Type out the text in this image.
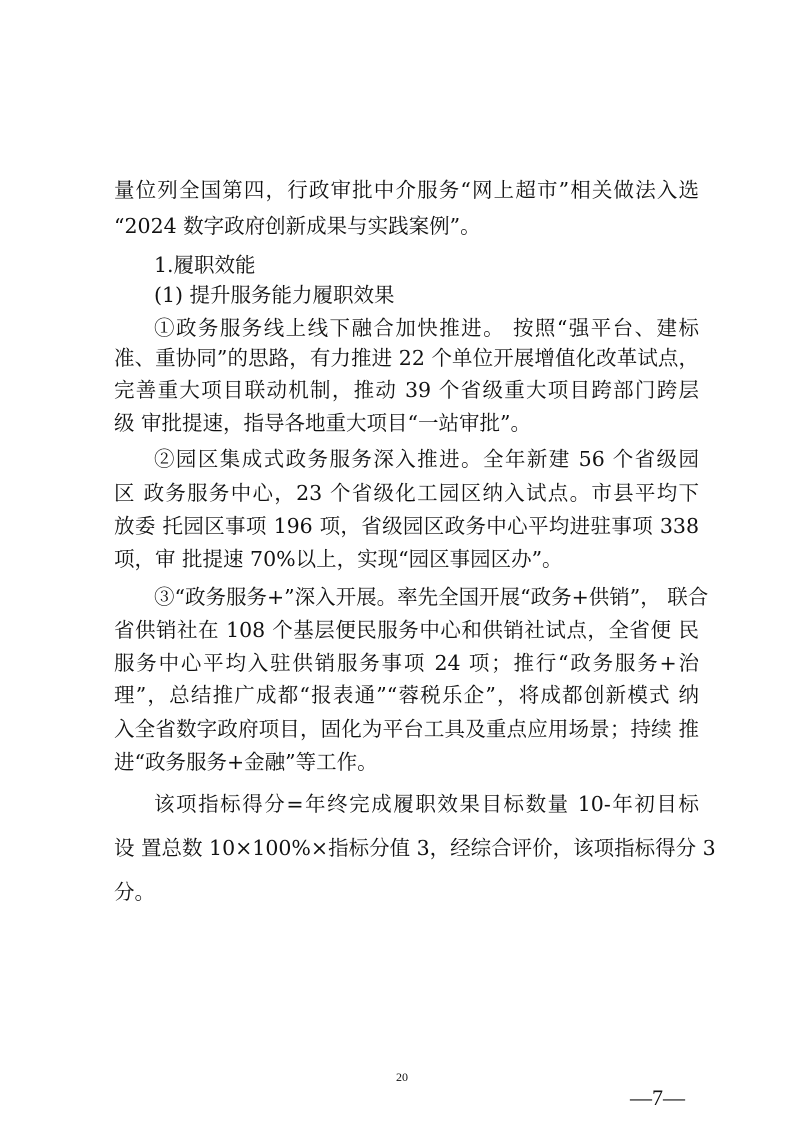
量位列全国第四，行政审批中介服务“网上超市”相关做法入选
“2024 数字政府创新成果与实践案例”。
1.履职效能
(1) 提升服务能力履职效果
①政务服务线上线下融合加快推进。 按照“强平台、建标
准、重协同”的思路，有力推进 22 个单位开展增值化改革试点，
完善重大项目联动机制，推动 39 个省级重大项目跨部门跨层
级 审批提速，指导各地重大项目“一站审批”。
②园区集成式政务服务深入推进。全年新建 56 个省级园
区 政务服务中心，23 个省级化工园区纳入试点。市县平均下
放委 托园区事项 196 项，省级园区政务中心平均进驻事项 338
项，审 批提速 70%以上，实现“园区事园区办”。
③“政务服务+”深入开展。率先全国开展“政务+供销”， 联合
省供销社在 108 个基层便民服务中心和供销社试点，全省便 民
服务中心平均入驻供销服务事项 24 项；推行“政务服务+治
理”，总结推广成都“报表通”“蓉税乐企”，将成都创新模式 纳
入全省数字政府项目，固化为平台工具及重点应用场景；持续 推
进“政务服务+金融”等工作。
该项指标得分=年终完成履职效果目标数量 10-年初目标
设 置总数 10×100%×指标分值 3，经综合评价，该项指标得分 3
分。
20
—7—
